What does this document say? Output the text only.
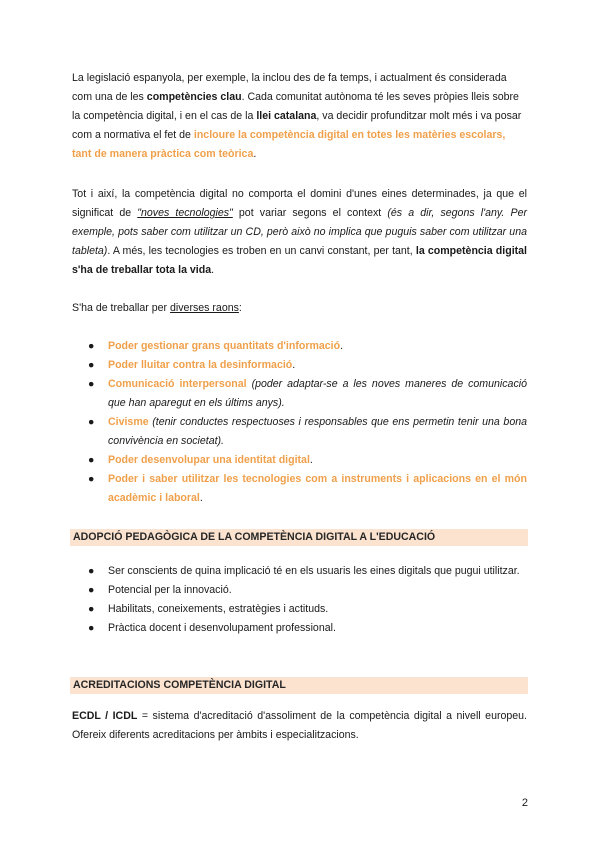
La legislació espanyola, per exemple, la inclou des de fa temps, i actualment és considerada com una de les competències clau. Cada comunitat autònoma té les seves pròpies lleis sobre la competència digital, i en el cas de la llei catalana, va decidir profunditzar molt més i va posar com a normativa el fet de incloure la competència digital en totes les matèries escolars, tant de manera pràctica com teòrica.

Tot i així, la competència digital no comporta el domini d'unes eines determinades, ja que el significat de "noves tecnologies" pot variar segons el context (és a dir, segons l'any. Per exemple, pots saber com utilitzar un CD, però això no implica que puguis saber com utilitzar una tableta). A més, les tecnologies es troben en un canvi constant, per tant, la competència digital s'ha de treballar tota la vida.

S'ha de treballar per diverses raons:

● Poder gestionar grans quantitats d'informació.
● Poder lluitar contra la desinformació.
● Comunicació interpersonal (poder adaptar-se a les noves maneres de comunicació que han aparegut en els últims anys).
● Civisme (tenir conductes respectuoses i responsables que ens permetin tenir una bona convivència en societat).
● Poder desenvolupar una identitat digital.
● Poder i saber utilitzar les tecnologies com a instruments i aplicacions en el món acadèmic i laboral.
ADOPCIÓ PEDAGÒGICA DE LA COMPETÈNCIA DIGITAL A L'EDUCACIÓ
● Ser conscients de quina implicació té en els usuaris les eines digitals que pugui utilitzar.
● Potencial per la innovació.
● Habilitats, coneixements, estratègies i actituds.
● Pràctica docent i desenvolupament professional.
ACREDITACIONS COMPETÈNCIA DIGITAL

ECDL / ICDL = sistema d'acreditació d'assoliment de la competència digital a nivell europeu. Ofereix diferents acreditacions per àmbits i especialitzacions.

2
